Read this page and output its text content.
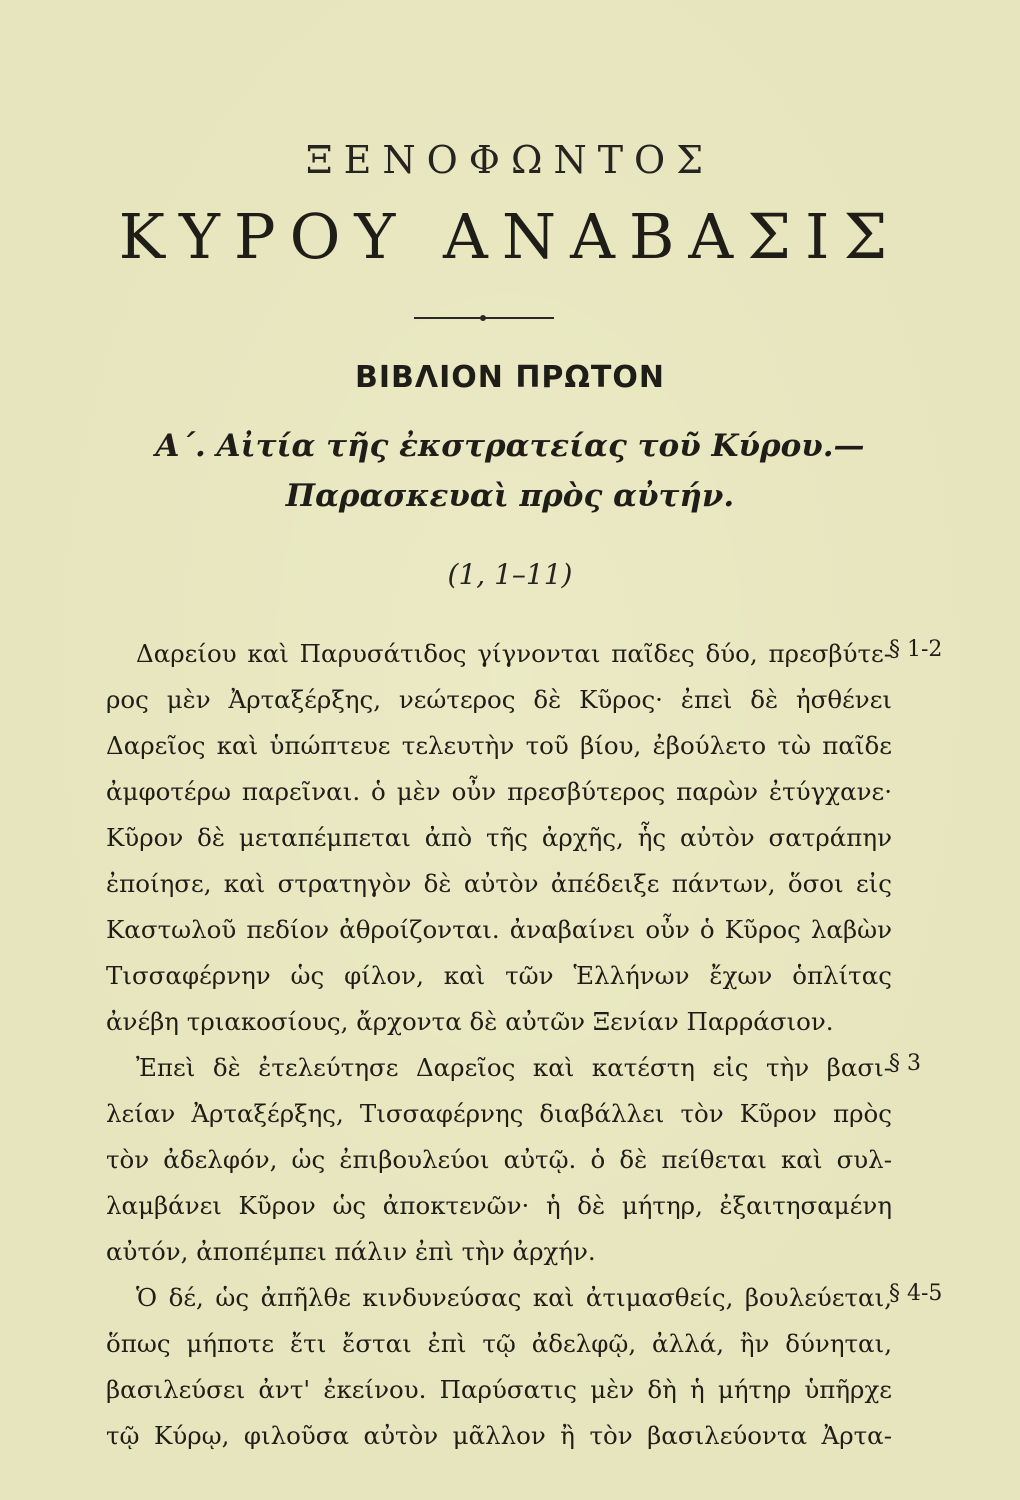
ΞΕΝΟΦΩΝΤΟΣ
ΚΥΡΟΥ ΑΝΑΒΑΣΙΣ
ΒΙΒΛΙΟΝ ΠΡΩΤΟΝ
Α΄. Αἰτία τῆς ἐκστρατείας τοῦ Κύρου.—
Παρασκευαὶ πρὸς αὐτήν.
(1, 1–11)
Δαρείου καὶ Παρυσάτιδος γίγνονται παῖδες δύο, πρεσβύτε-
ρος μὲν Ἀρταξέρξης, νεώτερος δὲ Κῦρος· ἐπεὶ δὲ ἠσθένει
Δαρεῖος καὶ ὑπώπτευε τελευτὴν τοῦ βίου, ἐβούλετο τὼ παῖδε
ἀμφοτέρω παρεῖναι. ὁ μὲν οὖν πρεσβύτερος παρὼν ἐτύγχανε·
Κῦρον δὲ μεταπέμπεται ἀπὸ τῆς ἀρχῆς, ἧς αὐτὸν σατράπην
ἐποίησε, καὶ στρατηγὸν δὲ αὐτὸν ἀπέδειξε πάντων, ὅσοι εἰς
Καστωλοῦ πεδίον ἀθροίζονται. ἀναβαίνει οὖν ὁ Κῦρος λαβὼν
Τισσαφέρνην ὡς φίλον, καὶ τῶν Ἑλλήνων ἔχων ὁπλίτας
ἀνέβη τριακοσίους, ἄρχοντα δὲ αὐτῶν Ξενίαν Παρράσιον.
Ἐπεὶ δὲ ἐτελεύτησε Δαρεῖος καὶ κατέστη εἰς τὴν βασι-
λείαν Ἀρταξέρξης, Τισσαφέρνης διαβάλλει τὸν Κῦρον πρὸς
τὸν ἀδελφόν, ὡς ἐπιβουλεύοι αὐτῷ. ὁ δὲ πείθεται καὶ συλ-
λαμβάνει Κῦρον ὡς ἀποκτενῶν· ἡ δὲ μήτηρ, ἐξαιτησαμένη
αὐτόν, ἀποπέμπει πάλιν ἐπὶ τὴν ἀρχήν.
Ὁ δέ, ὡς ἀπῆλθε κινδυνεύσας καὶ ἀτιμασθείς, βουλεύεται,
ὅπως μήποτε ἔτι ἔσται ἐπὶ τῷ ἀδελφῷ, ἀλλά, ἢν δύνηται,
βασιλεύσει ἀντ' ἐκείνου. Παρύσατις μὲν δὴ ἡ μήτηρ ὑπῆρχε
τῷ Κύρῳ, φιλοῦσα αὐτὸν μᾶλλον ἢ τὸν βασιλεύοντα Ἀρτα-
§ 1-2
§ 3
§ 4-5
